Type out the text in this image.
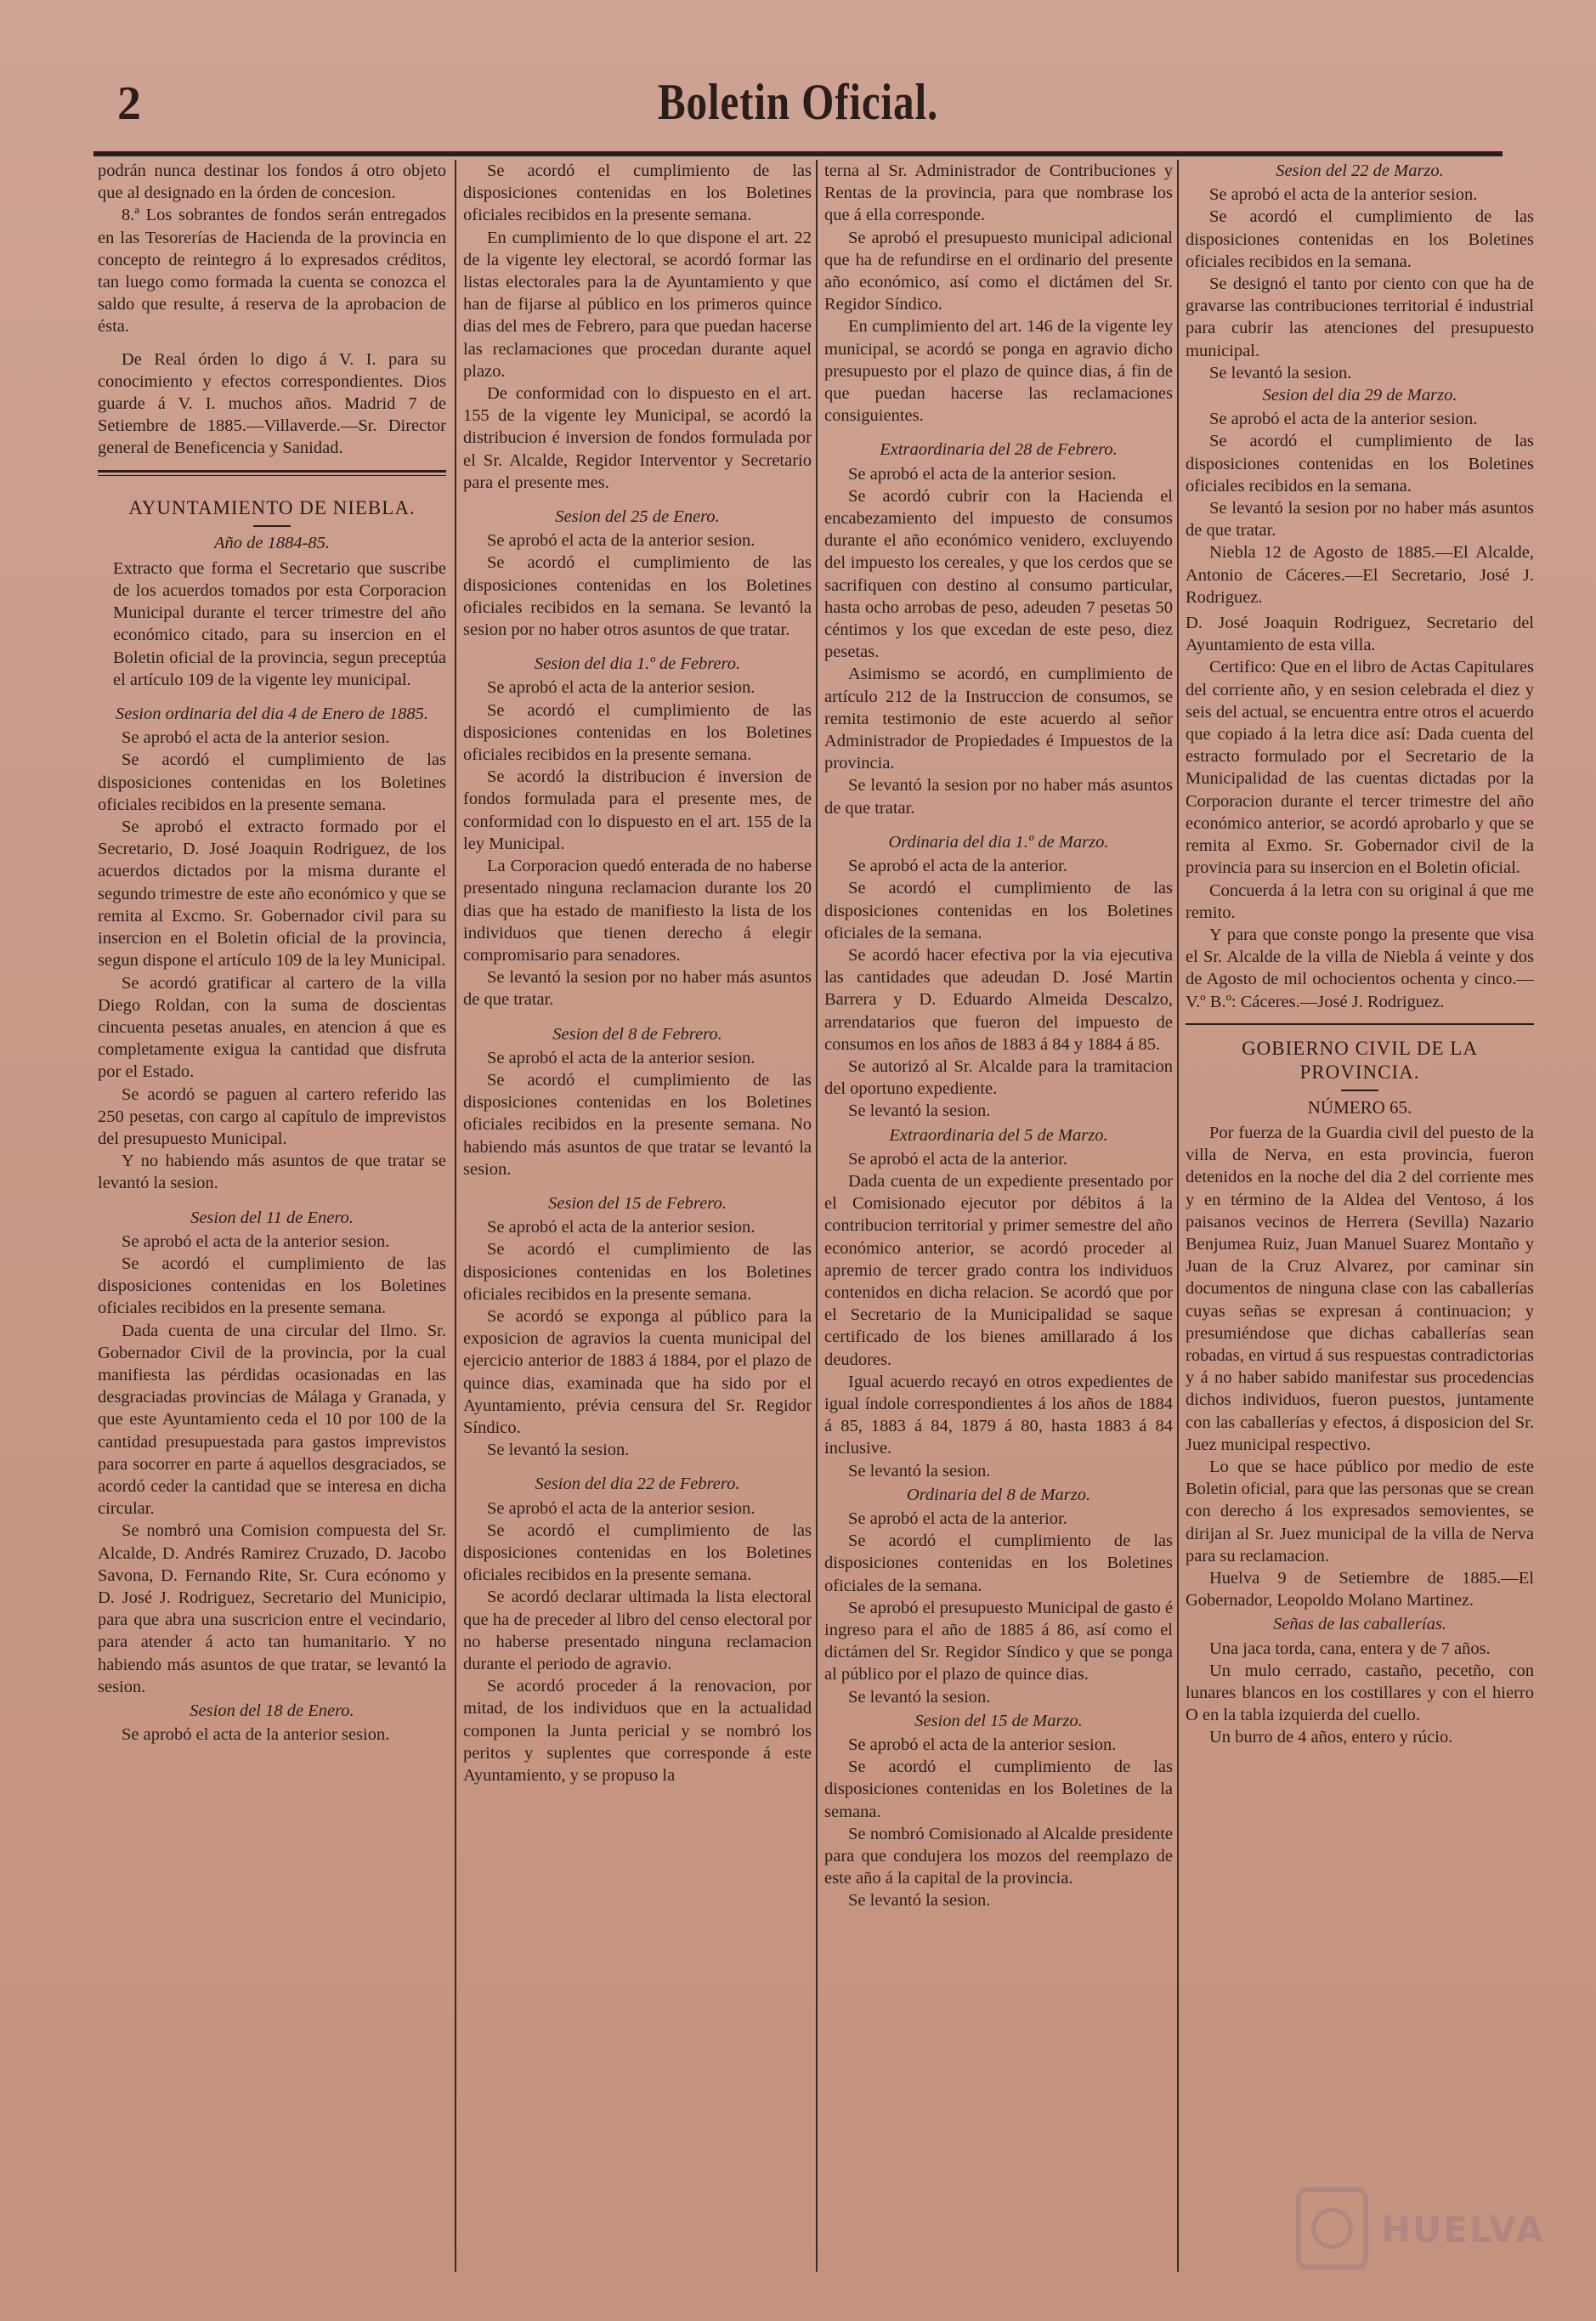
2	Boletin Oficial.

podrán nunca destinar los fondos á otro objeto que al designado en la órden de concesion.

8.ª Los sobrantes de fondos serán entregados en las Tesorerías de Hacienda de la provincia en concepto de reintegro á lo expresados créditos, tan luego como formada la cuenta se conozca el saldo que resulte, á reserva de la aprobacion de ésta.

De Real órden lo digo á V. I. para su conocimiento y efectos correspondientes. Dios guarde á V. I. muchos años. Madrid 7 de Setiembre de 1885.—Villaverde.—Sr. Director general de Beneficencia y Sanidad.

AYUNTAMIENTO DE NIEBLA.

Año de 1884-85.

Extracto que forma el Secretario que suscribe de los acuerdos tomados por esta Corporacion Municipal durante el tercer trimestre del año económico citado, para su insercion en el Boletin oficial de la provincia, segun preceptúa el artículo 109 de la vigente ley municipal.

Sesion ordinaria del dia 4 de Enero de 1885.

Se aprobó el acta de la anterior sesion.

Se acordó el cumplimiento de las disposiciones contenidas en los Boletines oficiales recibidos en la presente semana.

Se aprobó el extracto formado por el Secretario, D. José Joaquin Rodriguez, de los acuerdos dictados por la misma durante el segundo trimestre de este año económico y que se remita al Excmo. Sr. Gobernador civil para su insercion en el Boletin oficial de la provincia, segun dispone el artículo 109 de la ley Municipal.

Se acordó gratificar al cartero de la villa Diego Roldan, con la suma de doscientas cincuenta pesetas anuales, en atencion á que es completamente exigua la cantidad que disfruta por el Estado.

Se acordó se paguen al cartero referido las 250 pesetas, con cargo al capítulo de imprevistos del presupuesto Municipal.

Y no habiendo más asuntos de que tratar se levantó la sesion.

Sesion del 11 de Enero.

Se aprobó el acta de la anterior sesion.

Se acordó el cumplimiento de las disposiciones contenidas en los Boletines oficiales recibidos en la presente semana.

Dada cuenta de una circular del Ilmo. Sr. Gobernador Civil de la provincia, por la cual manifiesta las pérdidas ocasionadas en las desgraciadas provincias de Málaga y Granada, y que este Ayuntamiento ceda el 10 por 100 de la cantidad presupuestada para gastos imprevistos para socorrer en parte á aquellos desgraciados, se acordó ceder la cantidad que se interesa en dicha circular.

Se nombró una Comision compuesta del Sr. Alcalde, D. Andrés Ramirez Cruzado, D. Jacobo Savona, D. Fernando Rite, Sr. Cura ecónomo y D. José J. Rodriguez, Secretario del Municipio, para que abra una suscricion entre el vecindario, para atender á acto tan humanitario. Y no habiendo más asuntos de que tratar, se levantó la sesion.

Sesion del 18 de Enero.

Se aprobó el acta de la anterior sesion.

Se acordó el cumplimiento de las disposiciones contenidas en los Boletines oficiales recibidos en la presente semana.

En cumplimiento de lo que dispone el art. 22 de la vigente ley electoral, se acordó formar las listas electorales para la de Ayuntamiento y que han de fijarse al público en los primeros quince dias del mes de Febrero, para que puedan hacerse las reclamaciones que procedan durante aquel plazo.

De conformidad con lo dispuesto en el art. 155 de la vigente ley Municipal, se acordó la distribucion é inversion de fondos formulada por el Sr. Alcalde, Regidor Interventor y Secretario para el presente mes.

Sesion del 25 de Enero.

Se aprobó el acta de la anterior sesion.

Se acordó el cumplimiento de las disposiciones contenidas en los Boletines oficiales recibidos en la semana. Se levantó la sesion por no haber otros asuntos de que tratar.

Sesion del dia 1.º de Febrero.

Se aprobó el acta de la anterior sesion.

Se acordó el cumplimiento de las disposiciones contenidas en los Boletines oficiales recibidos en la presente semana.

Se acordó la distribucion é inversion de fondos formulada para el presente mes, de conformidad con lo dispuesto en el art. 155 de la ley Municipal.

La Corporacion quedó enterada de no haberse presentado ninguna reclamacion durante los 20 dias que ha estado de manifiesto la lista de los individuos que tienen derecho á elegir compromisario para senadores.

Se levantó la sesion por no haber más asuntos de que tratar.

Sesion del 8 de Febrero.

Se aprobó el acta de la anterior sesion.

Se acordó el cumplimiento de las disposiciones contenidas en los Boletines oficiales recibidos en la presente semana. No habiendo más asuntos de que tratar se levantó la sesion.

Sesion del 15 de Febrero.

Se aprobó el acta de la anterior sesion.

Se acordó el cumplimiento de las disposiciones contenidas en los Boletines oficiales recibidos en la presente semana.

Se acordó se exponga al público para la exposicion de agravios la cuenta municipal del ejercicio anterior de 1883 á 1884, por el plazo de quince dias, examinada que ha sido por el Ayuntamiento, prévia censura del Sr. Regidor Síndico.

Se levantó la sesion.

Sesion del dia 22 de Febrero.

Se aprobó el acta de la anterior sesion.

Se acordó el cumplimiento de las disposiciones contenidas en los Boletines oficiales recibidos en la presente semana.

Se acordó declarar ultimada la lista electoral que ha de preceder al libro del censo electoral por no haberse presentado ninguna reclamacion durante el periodo de agravio.

Se acordó proceder á la renovacion, por mitad, de los individuos que en la actualidad componen la Junta pericial y se nombró los peritos y suplentes que corresponde á este Ayuntamiento, y se propuso la

terna al Sr. Administrador de Contribuciones y Rentas de la provincia, para que nombrase los que á ella corresponde.

Se aprobó el presupuesto municipal adicional que ha de refundirse en el ordinario del presente año económico, así como el dictámen del Sr. Regidor Síndico.

En cumplimiento del art. 146 de la vigente ley municipal, se acordó se ponga en agravio dicho presupuesto por el plazo de quince dias, á fin de que puedan hacerse las reclamaciones consiguientes.

Extraordinaria del 28 de Febrero.

Se aprobó el acta de la anterior sesion.

Se acordó cubrir con la Hacienda el encabezamiento del impuesto de consumos durante el año económico venidero, excluyendo del impuesto los cereales, y que los cerdos que se sacrifiquen con destino al consumo particular, hasta ocho arrobas de peso, adeuden 7 pesetas 50 céntimos y los que excedan de este peso, diez pesetas.

Asimismo se acordó, en cumplimiento de artículo 212 de la Instruccion de consumos, se remita testimonio de este acuerdo al señor Administrador de Propiedades é Impuestos de la provincia.

Se levantó la sesion por no haber más asuntos de que tratar.

Ordinaria del dia 1.º de Marzo.

Se aprobó el acta de la anterior.

Se acordó el cumplimiento de las disposiciones contenidas en los Boletines oficiales de la semana.

Se acordó hacer efectiva por la via ejecutiva las cantidades que adeudan D. José Martin Barrera y D. Eduardo Almeida Descalzo, arrendatarios que fueron del impuesto de consumos en los años de 1883 á 84 y 1884 á 85.

Se autorizó al Sr. Alcalde para la tramitacion del oportuno expediente.

Se levantó la sesion.

Extraordinaria del 5 de Marzo.

Se aprobó el acta de la anterior.

Dada cuenta de un expediente presentado por el Comisionado ejecutor por débitos á la contribucion territorial y primer semestre del año económico anterior, se acordó proceder al apremio de tercer grado contra los individuos contenidos en dicha relacion. Se acordó que por el Secretario de la Municipalidad se saque certificado de los bienes amillarado á los deudores.

Igual acuerdo recayó en otros expedientes de igual índole correspondientes á los años de 1884 á 85, 1883 á 84, 1879 á 80, hasta 1883 á 84 inclusive.

Se levantó la sesion.

Ordinaria del 8 de Marzo.

Se aprobó el acta de la anterior.

Se acordó el cumplimiento de las disposiciones contenidas en los Boletines oficiales de la semana.

Se aprobó el presupuesto Municipal de gasto é ingreso para el año de 1885 á 86, así como el dictámen del Sr. Regidor Síndico y que se ponga al público por el plazo de quince dias.

Se levantó la sesion.

Sesion del 15 de Marzo.

Se aprobó el acta de la anterior sesion.

Se acordó el cumplimiento de las disposiciones contenidas en los Boletines de la semana.

Se nombró Comisionado al Alcalde presidente para que condujera los mozos del reemplazo de este año á la capital de la provincia.

Se levantó la sesion.

Sesion del 22 de Marzo.

Se aprobó el acta de la anterior sesion.

Se acordó el cumplimiento de las disposiciones contenidas en los Boletines oficiales recibidos en la semana.

Se designó el tanto por ciento con que ha de gravarse las contribuciones territorial é industrial para cubrir las atenciones del presupuesto municipal.

Se levantó la sesion.

Sesion del dia 29 de Marzo.

Se aprobó el acta de la anterior sesion.

Se acordó el cumplimiento de las disposiciones contenidas en los Boletines oficiales recibidos en la semana.

Se levantó la sesion por no haber más asuntos de que tratar.

Niebla 12 de Agosto de 1885.—El Alcalde, Antonio de Cáceres.—El Secretario, José J. Rodriguez.

D. José Joaquin Rodriguez, Secretario del Ayuntamiento de esta villa.

Certifico: Que en el libro de Actas Capitulares del corriente año, y en sesion celebrada el diez y seis del actual, se encuentra entre otros el acuerdo que copiado á la letra dice así: Dada cuenta del estracto formulado por el Secretario de la Municipalidad de las cuentas dictadas por la Corporacion durante el tercer trimestre del año económico anterior, se acordó aprobarlo y que se remita al Exmo. Sr. Gobernador civil de la provincia para su insercion en el Boletin oficial.

Concuerda á la letra con su original á que me remito.

Y para que conste pongo la presente que visa el Sr. Alcalde de la villa de Niebla á veinte y dos de Agosto de mil ochocientos ochenta y cinco.—V.º B.º: Cáceres.—José J. Rodriguez.

GOBIERNO CIVIL DE LA PROVINCIA.

NÚMERO 65.

Por fuerza de la Guardia civil del puesto de la villa de Nerva, en esta provincia, fueron detenidos en la noche del dia 2 del corriente mes y en término de la Aldea del Ventoso, á los paisanos vecinos de Herrera (Sevilla) Nazario Benjumea Ruiz, Juan Manuel Suarez Montaño y Juan de la Cruz Alvarez, por caminar sin documentos de ninguna clase con las caballerías cuyas señas se expresan á continuacion; y presumiéndose que dichas caballerías sean robadas, en virtud á sus respuestas contradictorias y á no haber sabido manifestar sus procedencias dichos individuos, fueron puestos, juntamente con las caballerías y efectos, á disposicion del Sr. Juez municipal respectivo.

Lo que se hace público por medio de este Boletin oficial, para que las personas que se crean con derecho á los expresados semovientes, se dirijan al Sr. Juez municipal de la villa de Nerva para su reclamacion.

Huelva 9 de Setiembre de 1885.—El Gobernador, Leopoldo Molano Martinez.

Señas de las caballerías.

Una jaca torda, cana, entera y de 7 años.

Un mulo cerrado, castaño, pecetño, con lunares blancos en los costillares y con el hierro O en la tabla izquierda del cuello.

Un burro de 4 años, entero y rúcio.

HUELVA
